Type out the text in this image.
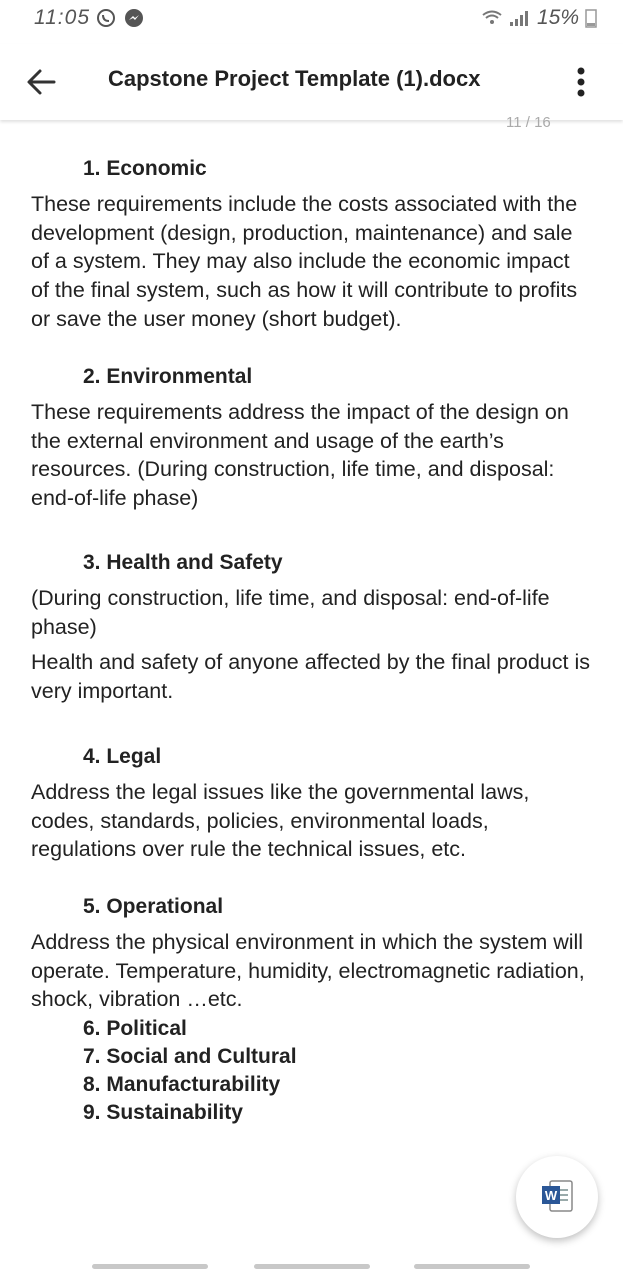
11:05	15%
Capstone Project Template (1).docx
11 / 16
1. Economic
These requirements include the costs associated with the development (design, production, maintenance) and sale of a system. They may also include the economic impact of the final system, such as how it will contribute to profits or save the user money (short budget).
2. Environmental
These requirements address the impact of the design on the external environment and usage of the earth’s resources. (During construction, life time, and disposal: end-of-life phase)
3. Health and Safety
(During construction, life time, and disposal: end-of-life phase)
Health and safety of anyone affected by the final product is very important.
4. Legal
Address the legal issues like the governmental laws, codes, standards, policies, environmental loads, regulations over rule the technical issues, etc.
5. Operational
Address the physical environment in which the system will operate. Temperature, humidity, electromagnetic radiation, shock, vibration …etc.
6. Political
7. Social and Cultural
8. Manufacturability
9. Sustainability
W
